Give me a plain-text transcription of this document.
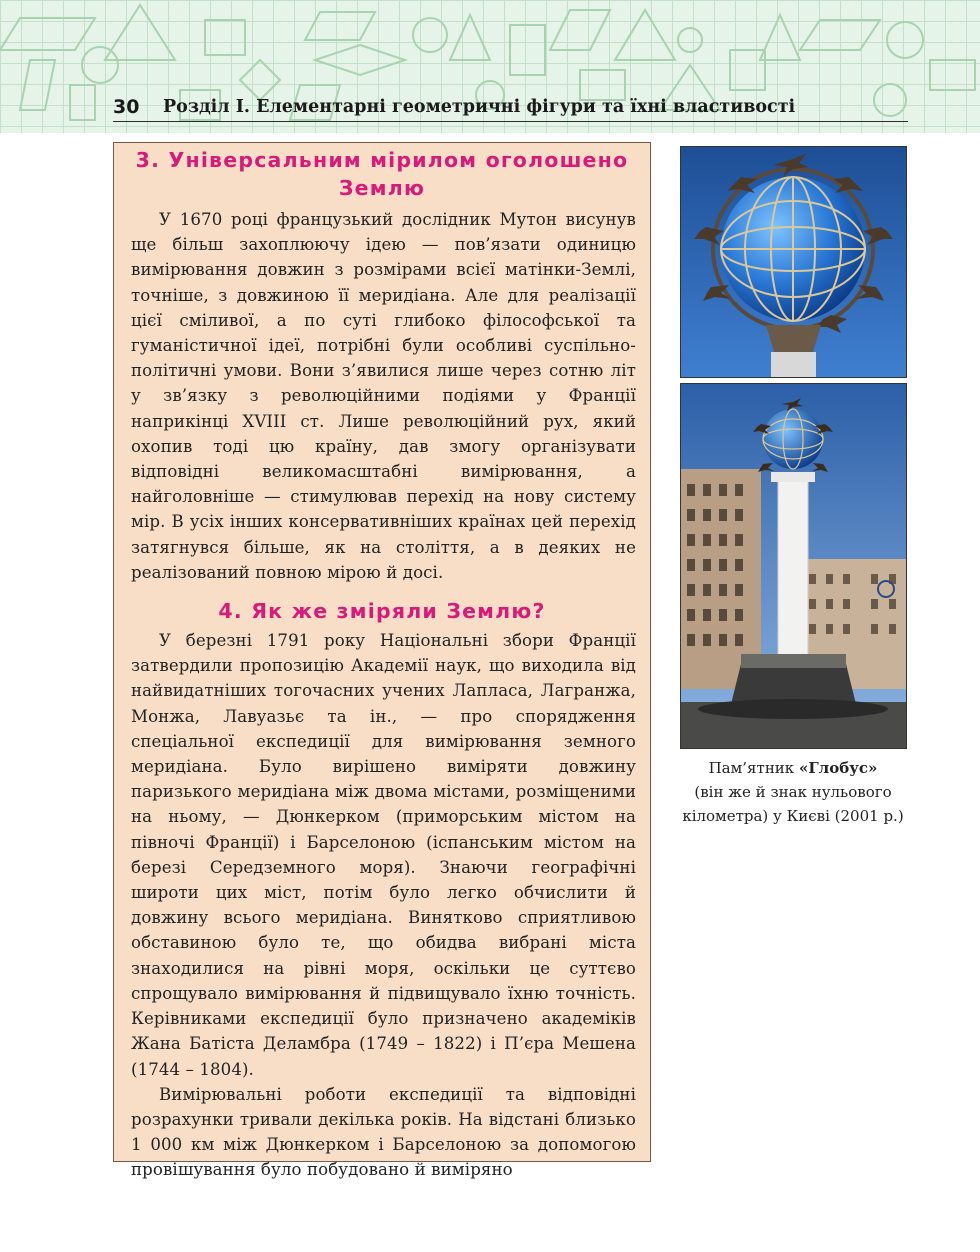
30 Розділ І. Елементарні геометричні фігури та їхні властивості
3. Універсальним мірилом оголошено Землю

У 1670 році французький дослідник Мутон висунув ще більш захоплюючу ідею — пов’язати одиницю вимірювання довжин з розмірами всієї матінки-Землі, точніше, з довжиною її меридіана. Але для реалізації цієї сміливої, а по суті глибоко філософської та гуманістичної ідеї, потрібні були особливі суспільно-політичні умови. Вони з’явилися лише через сотню літ у зв’язку з революційними подіями у Франції наприкінці XVIII ст. Лише революційний рух, який охопив тоді цю країну, дав змогу організувати відповідні великомасштабні вимірювання, а найголовніше — стимулював перехід на нову систему мір. В усіх інших консервативніших країнах цей перехід затягнувся більше, як на століття, а в деяких не реалізований повною мірою й досі.

4. Як же зміряли Землю?

У березні 1791 року Національні збори Франції затвердили пропозицію Академії наук, що виходила від найвидатніших тогочасних учених Лапласа, Лагранжа, Монжа, Лавуазьє та ін., — про спорядження спеціальної експедиції для вимірювання земного меридіана. Було вирішено виміряти довжину паризького меридіана між двома містами, розміщеними на ньому, — Дюнкерком (приморським містом на півночі Франції) і Барселоною (іспанським містом на березі Середземного моря). Знаючи географічні широти цих міст, потім було легко обчислити й довжину всього меридіана. Винятково сприятливою обставиною було те, що обидва вибрані міста знаходилися на рівні моря, оскільки це суттєво спрощувало вимірювання й підвищувало їхню точність. Керівниками експедиції було призначено академіків Жана Батіста Деламбра (1749 – 1822) і П’єра Мешена (1744 – 1804).

Вимірювальні роботи експедиції та відповідні розрахунки тривали декілька років. На відстані близько 1 000 км між Дюнкерком і Барселоною за допомогою провішування було побудовано й виміряно

Пам’ятник «Глобус»
(він же й знак нульового
кілометра) у Києві (2001 р.)
